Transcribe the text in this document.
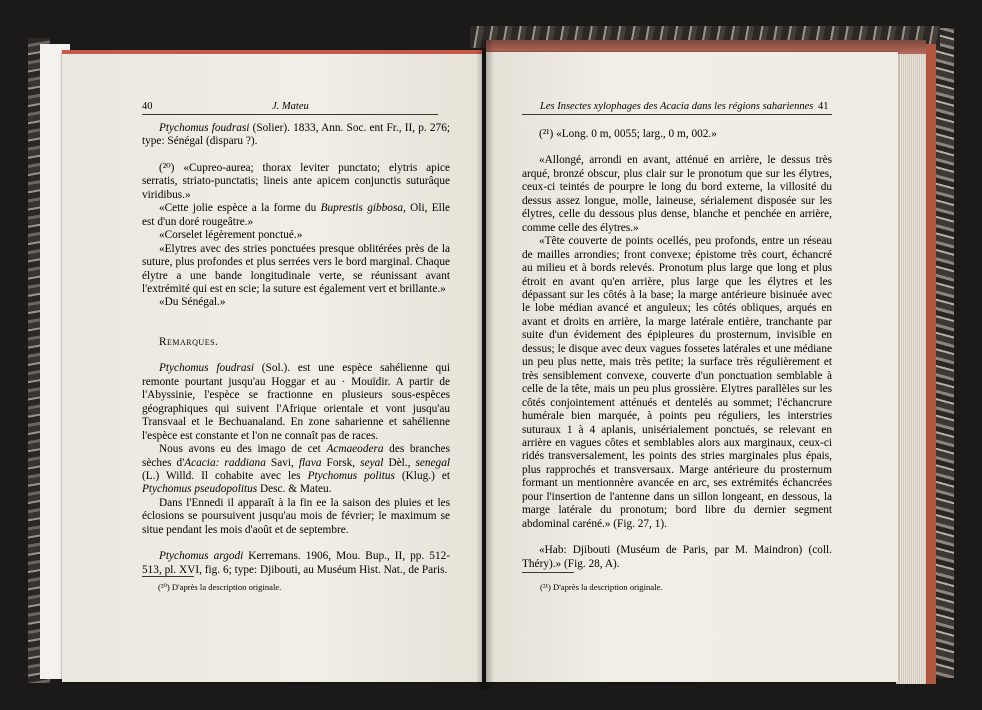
40	J. Mateu	Les Insectes xylophages des Acacia dans les régions sahariennes 41

Ptychomus foudrasi (Solier). 1833, Ann. Soc. ent Fr., II, p. 276; type: Sénégal (disparu ?).

(²⁰) «Cupreo-aurea; thorax leviter punctato; elytris apice serratis, striato-punctatis; lineis ante apicem conjunctis suturâque viridibus.»

«Cette jolie espèce a la forme du Buprestis gibbosa, Oli, Elle est d'un doré rougeâtre.»

«Corselet légèrement ponctué.»

«Elytres avec des stries ponctuées presque oblitérées près de la suture, plus profondes et plus serrées vers le bord marginal. Chaque élytre a une bande longitudinale verte, se réunissant avant l'extrémité qui est en scie; la suture est également vert et brillante.»

«Du Sénégal.»

Remarques.

Ptychomus foudrasi (Sol.). est une espèce sahélienne qui remonte pourtant jusqu'au Hoggar et au · Mouïdir. A partir de l'Abyssinie, l'espèce se fractionne en plusieurs sous-espèces géographiques qui suivent l'Afrique orientale et vont jusqu'au Transvaal et le Bechuanaland. En zone saharienne et sahélienne l'espèce est constante et l'on ne connaît pas de races.

Nous avons eu des imago de cet Acmaeodera des branches sèches d'Acacia: raddiana Savi, flava Forsk, seyal Dèl., senegal (L.) Willd. Il cohabite avec les Ptychomus politus (Klug.) et Ptychomus pseudopolitus Desc. & Mateu.

Dans l'Ennedi il apparaît à la fin ee la saison des pluies et les éclosions se poursuivent jusqu'au mois de février; le maximum se situe pendant les mois d'août et de septembre.

Ptychomus argodi Kerremans. 1906, Mou. Bup., II, pp. 512-513, pl. XVI, fig. 6; type: Djibouti, au Muséum Hist. Nat., de Paris.

(²⁰) D'après la description originale.

(²¹) «Long. 0 m, 0055; larg., 0 m, 002.»

«Allongé, arrondi en avant, atténué en arrière, le dessus très arqué, bronzé obscur, plus clair sur le pronotum que sur les élytres, ceux-ci teintés de pourpre le long du bord externe, la villosité du dessus assez longue, molle, laineuse, sérialement disposée sur les élytres, celle du dessous plus dense, blanche et penchée en arrière, comme celle des élytres.»

«Tête couverte de points ocellés, peu profonds, entre un réseau de mailles arrondies; front convexe; épistome très court, échancré au milieu et à bords relevés. Pronotum plus large que long et plus étroit en avant qu'en arrière, plus large que les élytres et les dépassant sur les côtés à la base; la marge antérieure bisinuée avec le lobe médian avancé et anguleux; les côtés obliques, arqués en avant et droits en arrière, la marge latérale entière, tranchante par suite d'un évidement des épipleures du prosternum, invisible en dessus; le disque avec deux vagues fossetes latérales et une médiane un peu plus nette, mais très petite; la surface très régulièrement et très sensiblement convexe, couverte d'un ponctuation semblable à celle de la tête, mais un peu plus grossière. Elytres parallèles sur les côtés conjointement atténués et dentelés au sommet; l'échancrure humérale bien marquée, à points peu réguliers, les interstries suturaux 1 à 4 aplanis, unisérialement ponctués, se relevant en arrière en vagues côtes et semblables alors aux marginaux, ceux-ci ridés transversalement, les points des stries marginales plus épais, plus rapprochés et transversaux. Marge antérieure du prosternum formant un mentionnère avancée en arc, ses extrémités échancrées pour l'insertion de l'antenne dans un sillon longeant, en dessous, la marge latérale du pronotum; bord libre du dernier segment abdominal caréné.» (Fig. 27, 1).

«Hab: Djibouti (Muséum de Paris, par M. Maindron) (coll. Théry).» (Fig. 28, A).

(²¹) D'après la description originale.
